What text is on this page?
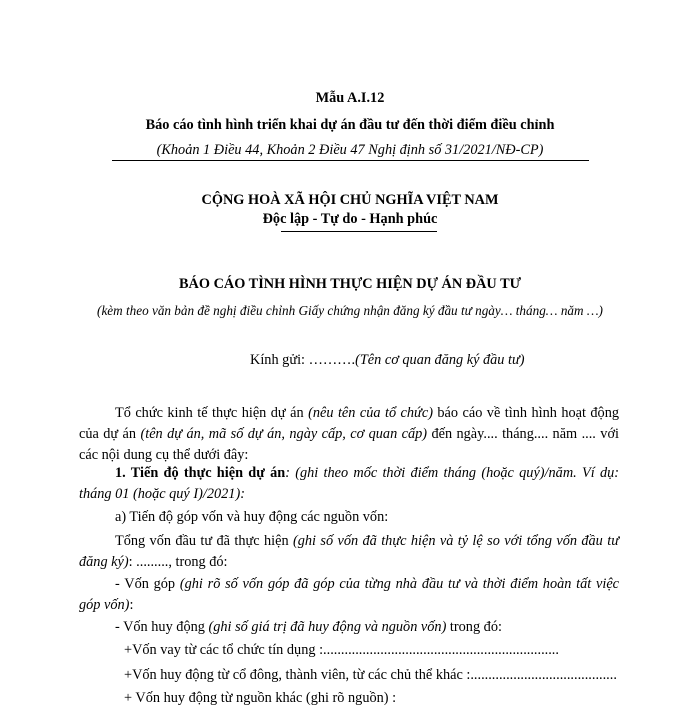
Mẫu A.I.12
Báo cáo tình hình triển khai dự án đầu tư đến thời điểm điều chỉnh
(Khoản 1 Điều 44, Khoản 2 Điều 47 Nghị định số 31/2021/NĐ-CP)
CỘNG HOÀ XÃ HỘI CHỦ NGHĨA VIỆT NAM
Độc lập - Tự do - Hạnh phúc
BÁO CÁO TÌNH HÌNH THỰC HIỆN DỰ ÁN ĐẦU TƯ
(kèm theo văn bản đề nghị điều chỉnh Giấy chứng nhận đăng ký đầu tư ngày… tháng… năm …)
Kính gửi: ……….(Tên cơ quan đăng ký đầu tư)
Tổ chức kinh tế thực hiện dự án (nêu tên của tổ chức) báo cáo về tình hình hoạt động của dự án (tên dự án, mã số dự án, ngày cấp, cơ quan cấp) đến ngày.... tháng.... năm .... với các nội dung cụ thể dưới đây:
1. Tiến độ thực hiện dự án: (ghi theo mốc thời điểm tháng (hoặc quý)/năm. Ví dụ: tháng 01 (hoặc quý I)/2021):
a) Tiến độ góp vốn và huy động các nguồn vốn:
Tổng vốn đầu tư đã thực hiện (ghi số vốn đã thực hiện và tỷ lệ so với tổng vốn đầu tư đăng ký): ........., trong đó:
- Vốn góp (ghi rõ số vốn góp đã góp của từng nhà đầu tư và thời điểm hoàn tất việc góp vốn):
- Vốn huy động (ghi số giá trị đã huy động và nguồn vốn) trong đó:
+Vốn vay từ các tổ chức tín dụng :..................................................................
+Vốn huy động từ cổ đông, thành viên, từ các chủ thể khác :.........................................
+ Vốn huy động từ nguồn khác (ghi rõ nguồn) :
